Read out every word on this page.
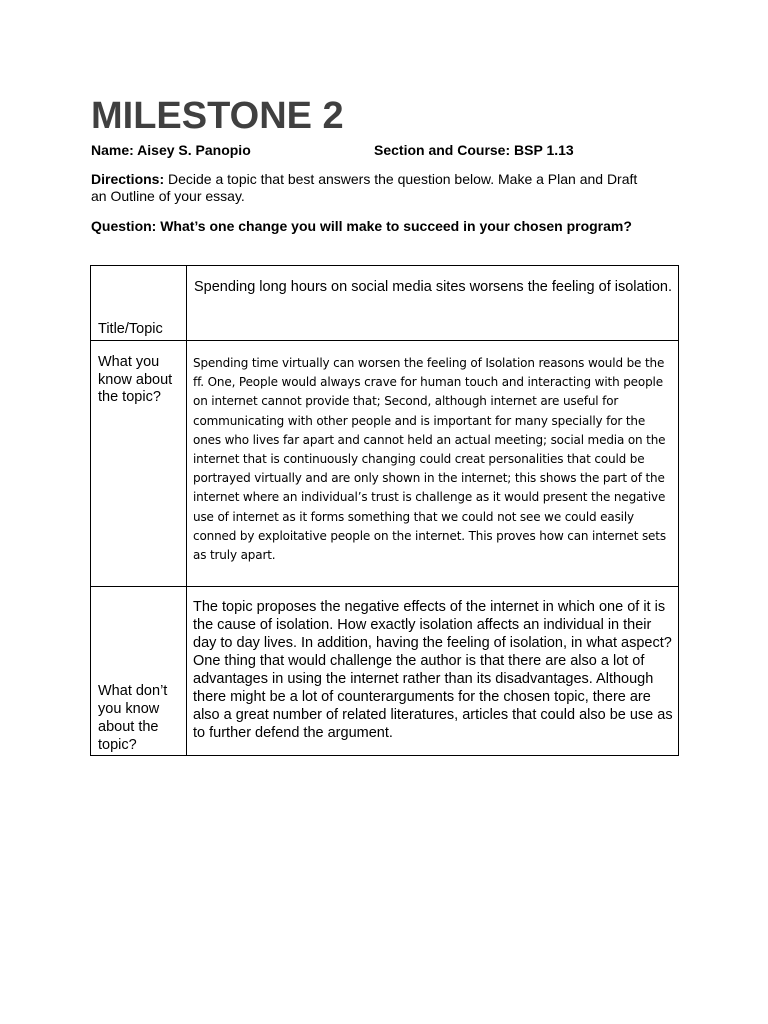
MILESTONE 2
Name: Aisey S. Panopio	Section and Course: BSP 1.13
Directions: Decide a topic that best answers the question below. Make a Plan and Draft an Outline of your essay.
Question: What’s one change you will make to succeed in your chosen program?
Title/Topic	Spending long hours on social media sites worsens the feeling of isolation.
What you know about the topic?	Spending time virtually can worsen the feeling of Isolation reasons would be the ff. One, People would always crave for human touch and interacting with people on internet cannot provide that; Second, although internet are useful for communicating with other people and is important for many specially for the ones who lives far apart and cannot held an actual meeting; social media on the internet that is continuously changing could creat personalities that could be portrayed virtually and are only shown in the internet; this shows the part of the internet where an individual’s trust is challenge as it would present the negative use of internet as it forms something that we could not see we could easily conned by exploitative people on the internet. This proves how can internet sets as truly apart.
What don’t you know about the topic?	The topic proposes the negative effects of the internet in which one of it is the cause of isolation. How exactly isolation affects an individual in their day to day lives. In addition, having the feeling of isolation, in what aspect? One thing that would challenge the author is that there are also a lot of advantages in using the internet rather than its disadvantages. Although there might be a lot of counterarguments for the chosen topic, there are also a great number of related literatures, articles that could also be use as to further defend the argument.
